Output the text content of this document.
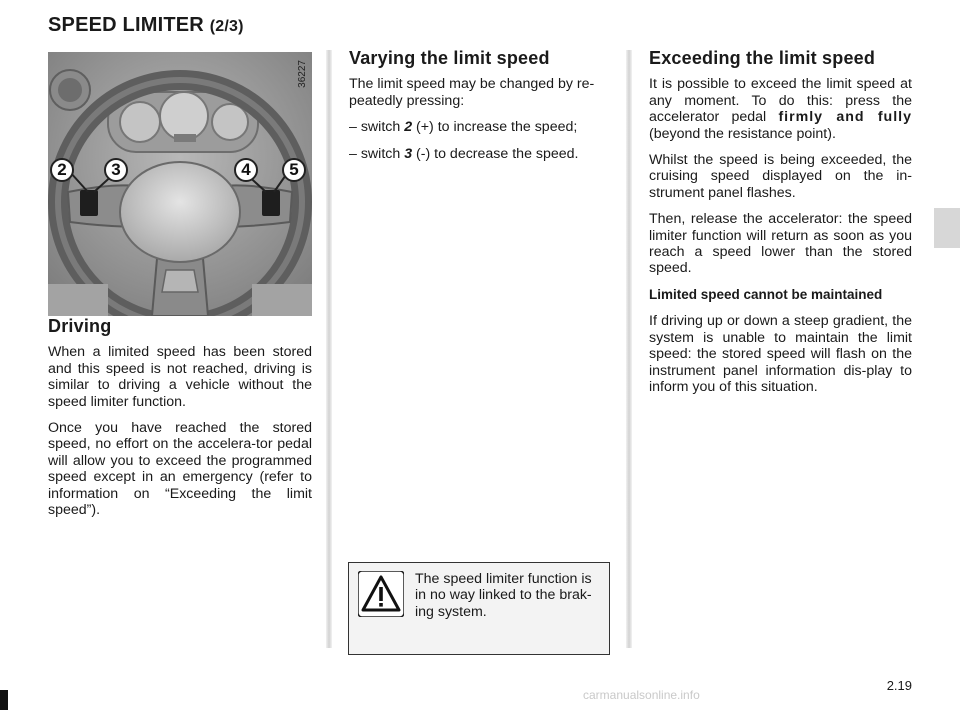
SPEED LIMITER (2/3)
2	3	4	5
36227
Driving

When a limited speed has been stored and this speed is not reached, driving is similar to driving a vehicle without the speed limiter function.

Once you have reached the stored speed, no effort on the accelera-tor pedal will allow you to exceed the programmed speed except in an emergency (refer to information on “Exceeding the limit speed”).

Varying the limit speed

The limit speed may be changed by re-peatedly pressing:

– switch 2 (+) to increase the speed;

– switch 3 (-) to decrease the speed.

The speed limiter function is in no way linked to the brak-ing system.
Exceeding the limit speed

It is possible to exceed the limit speed at any moment. To do this: press the accelerator pedal firmly and fully (beyond the resistance point).

Whilst the speed is being exceeded, the cruising speed displayed on the in-strument panel flashes.

Then, release the accelerator: the speed limiter function will return as soon as you reach a speed lower than the stored speed.

Limited speed cannot be maintained

If driving up or down a steep gradient, the system is unable to maintain the limit speed: the stored speed will flash on the instrument panel information dis-play to inform you of this situation.

2.19
carmanualsonline.info
